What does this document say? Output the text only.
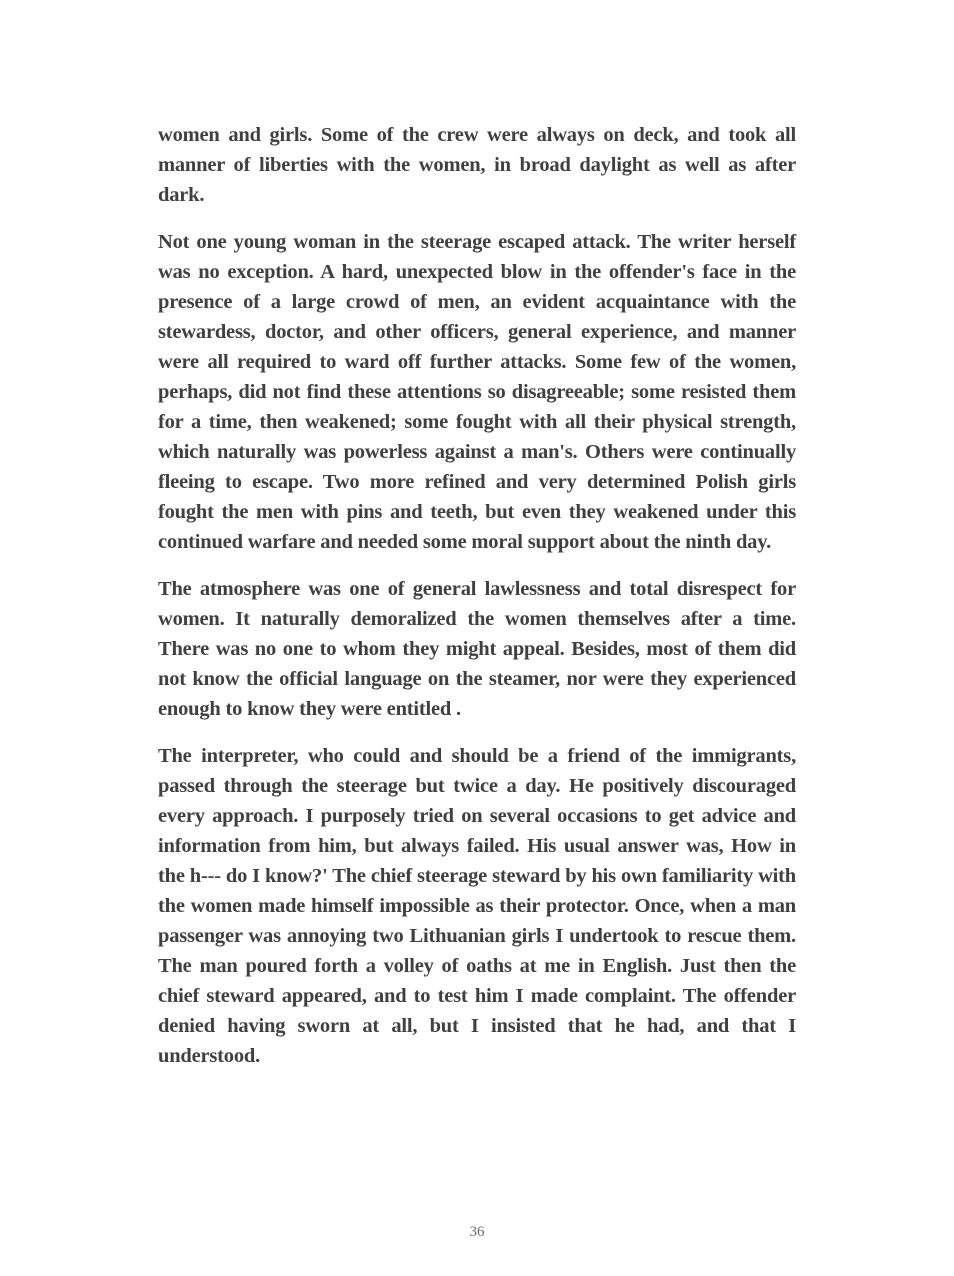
women and girls. Some of the crew were always on deck, and took all manner of liberties with the women, in broad daylight as well as after dark.

Not one young woman in the steerage escaped attack. The writer herself was no exception. A hard, unexpected blow in the offender's face in the presence of a large crowd of men, an evident acquaintance with the stewardess, doctor, and other officers, general experience, and manner were all required to ward off further attacks. Some few of the women, perhaps, did not find these attentions so disagreeable; some resisted them for a time, then weakened; some fought with all their physical strength, which naturally was powerless against a man's. Others were continually fleeing to escape. Two more refined and very determined Polish girls fought the men with pins and teeth, but even they weakened under this continued warfare and needed some moral support about the ninth day.

The atmosphere was one of general lawlessness and total disrespect for women. It naturally demoralized the women themselves after a time. There was no one to whom they might appeal. Besides, most of them did not know the official language on the steamer, nor were they experienced enough to know they were entitled .

The interpreter, who could and should be a friend of the immigrants, passed through the steerage but twice a day. He positively discouraged every approach. I purposely tried on several occasions to get advice and information from him, but always failed. His usual answer was, How in the h--- do I know?' The chief steerage steward by his own familiarity with the women made himself impossible as their protector. Once, when a man passenger was annoying two Lithuanian girls I undertook to rescue them. The man poured forth a volley of oaths at me in English. Just then the chief steward appeared, and to test him I made complaint. The offender denied having sworn at all, but I insisted that he had, and that I understood.

36
